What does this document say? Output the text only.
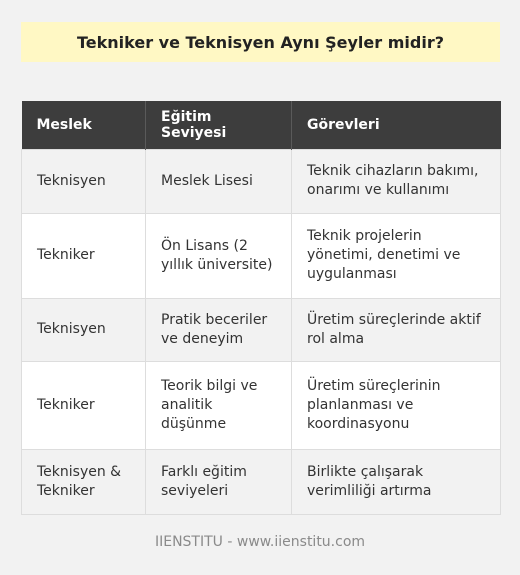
Tekniker ve Teknisyen Aynı Şeyler midir?
Meslek	Eğitim Seviyesi	Görevleri
Teknisyen	Meslek Lisesi	Teknik cihazların bakımı, onarımı ve kullanımı
Tekniker	Ön Lisans (2 yıllık üniversite)	Teknik projelerin yönetimi, denetimi ve uygulanması
Teknisyen	Pratik beceriler ve deneyim	Üretim süreçlerinde aktif rol alma
Tekniker	Teorik bilgi ve analitik düşünme	Üretim süreçlerinin planlanması ve koordinasyonu
Teknisyen & Tekniker	Farklı eğitim seviyeleri	Birlikte çalışarak verimliliği artırma
IIENSTITU - www.iienstitu.com
